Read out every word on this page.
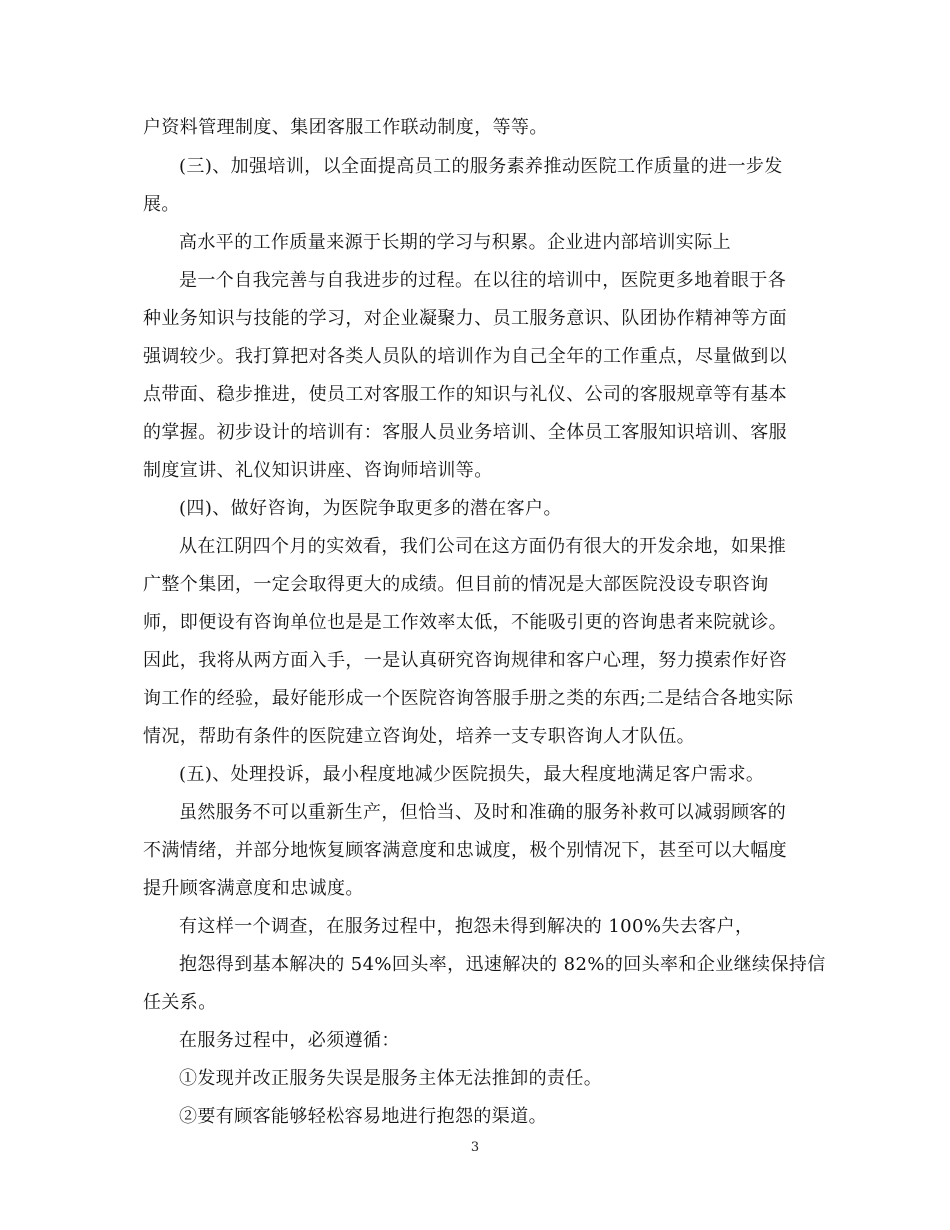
户资料管理制度、集团客服工作联动制度，等等。
(三)、加强培训，以全面提高员工的服务素养推动医院工作质量的进一步发
展。
高水平的工作质量来源于长期的学习与积累。企业进内部培训实际上
是一个自我完善与自我进步的过程。在以往的培训中，医院更多地着眼于各
种业务知识与技能的学习，对企业凝聚力、员工服务意识、队团协作精神等方面
强调较少。我打算把对各类人员队的培训作为自己全年的工作重点，尽量做到以
点带面、稳步推进，使员工对客服工作的知识与礼仪、公司的客服规章等有基本
的掌握。初步设计的培训有：客服人员业务培训、全体员工客服知识培训、客服
制度宣讲、礼仪知识讲座、咨询师培训等。
(四)、做好咨询，为医院争取更多的潜在客户。
从在江阴四个月的实效看，我们公司在这方面仍有很大的开发余地，如果推
广整个集团，一定会取得更大的成绩。但目前的情况是大部医院没设专职咨询
师，即便设有咨询单位也是是工作效率太低，不能吸引更的咨询患者来院就诊。
因此，我将从两方面入手，一是认真研究咨询规律和客户心理，努力摸索作好咨
询工作的经验，最好能形成一个医院咨询答服手册之类的东西;二是结合各地实际
情况，帮助有条件的医院建立咨询处，培养一支专职咨询人才队伍。
(五)、处理投诉，最小程度地减少医院损失，最大程度地满足客户需求。
虽然服务不可以重新生产，但恰当、及时和准确的服务补救可以减弱顾客的
不满情绪，并部分地恢复顾客满意度和忠诚度，极个别情况下，甚至可以大幅度
提升顾客满意度和忠诚度。
有这样一个调查，在服务过程中，抱怨未得到解决的 100%失去客户，
抱怨得到基本解决的 54%回头率，迅速解决的 82%的回头率和企业继续保持信
任关系。
在服务过程中，必须遵循：
①发现并改正服务失误是服务主体无法推卸的责任。
②要有顾客能够轻松容易地进行抱怨的渠道。
3
